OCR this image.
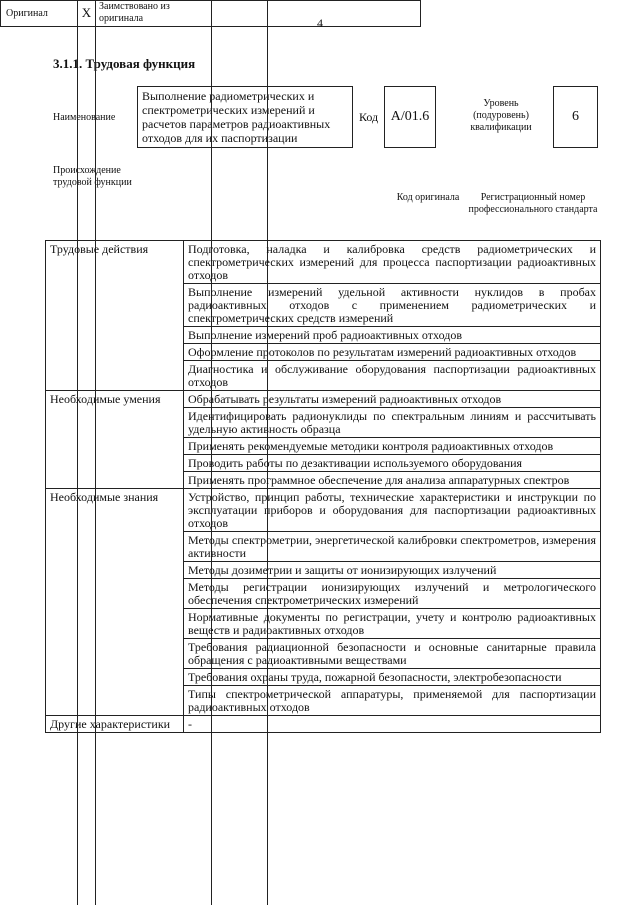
4
3.1.1. Трудовая функция
Наименование
Выполнение радиометрических и спектрометрических измерений и расчетов параметров радиоактивных отходов для их паспортизации
Код А/01.6
Уровень (подуровень) квалификации
6
Происхождение трудовой функции
Оригинал	Х Заимствовано из оригинала
Код оригинала	Регистрационный номер профессионального стандарта
Трудовые действия	Подготовка, наладка и калибровка средств радиометрических и спектрометрических измерений для процесса паспортизации радиоактивных отходов
	Выполнение измерений удельной активности нуклидов в пробах радиоактивных отходов с применением радиометрических и спектрометрических средств измерений
	Выполнение измерений проб радиоактивных отходов
	Оформление протоколов по результатам измерений радиоактивных отходов
	Диагностика и обслуживание оборудования паспортизации радиоактивных отходов
Необходимые умения	Обрабатывать результаты измерений радиоактивных отходов
	Идентифицировать радионуклиды по спектральным линиям и рассчитывать удельную активность образца
	Применять рекомендуемые методики контроля радиоактивных отходов
	Проводить работы по дезактивации используемого оборудования
	Применять программное обеспечение для анализа аппаратурных спектров
Необходимые знания	Устройство, принцип работы, технические характеристики и инструкции по эксплуатации приборов и оборудования для паспортизации радиоактивных отходов
	Методы спектрометрии, энергетической калибровки спектрометров, измерения активности
	Методы дозиметрии и защиты от ионизирующих излучений
	Методы регистрации ионизирующих излучений и метрологического обеспечения спектрометрических измерений
	Нормативные документы по регистрации, учету и контролю радиоактивных веществ и радиоактивных отходов
	Требования радиационной безопасности и основные санитарные правила обращения с радиоактивными веществами
	Требования охраны труда, пожарной безопасности, электробезопасности
	Типы спектрометрической аппаратуры, применяемой для паспортизации радиоактивных отходов
Другие характеристики	-
